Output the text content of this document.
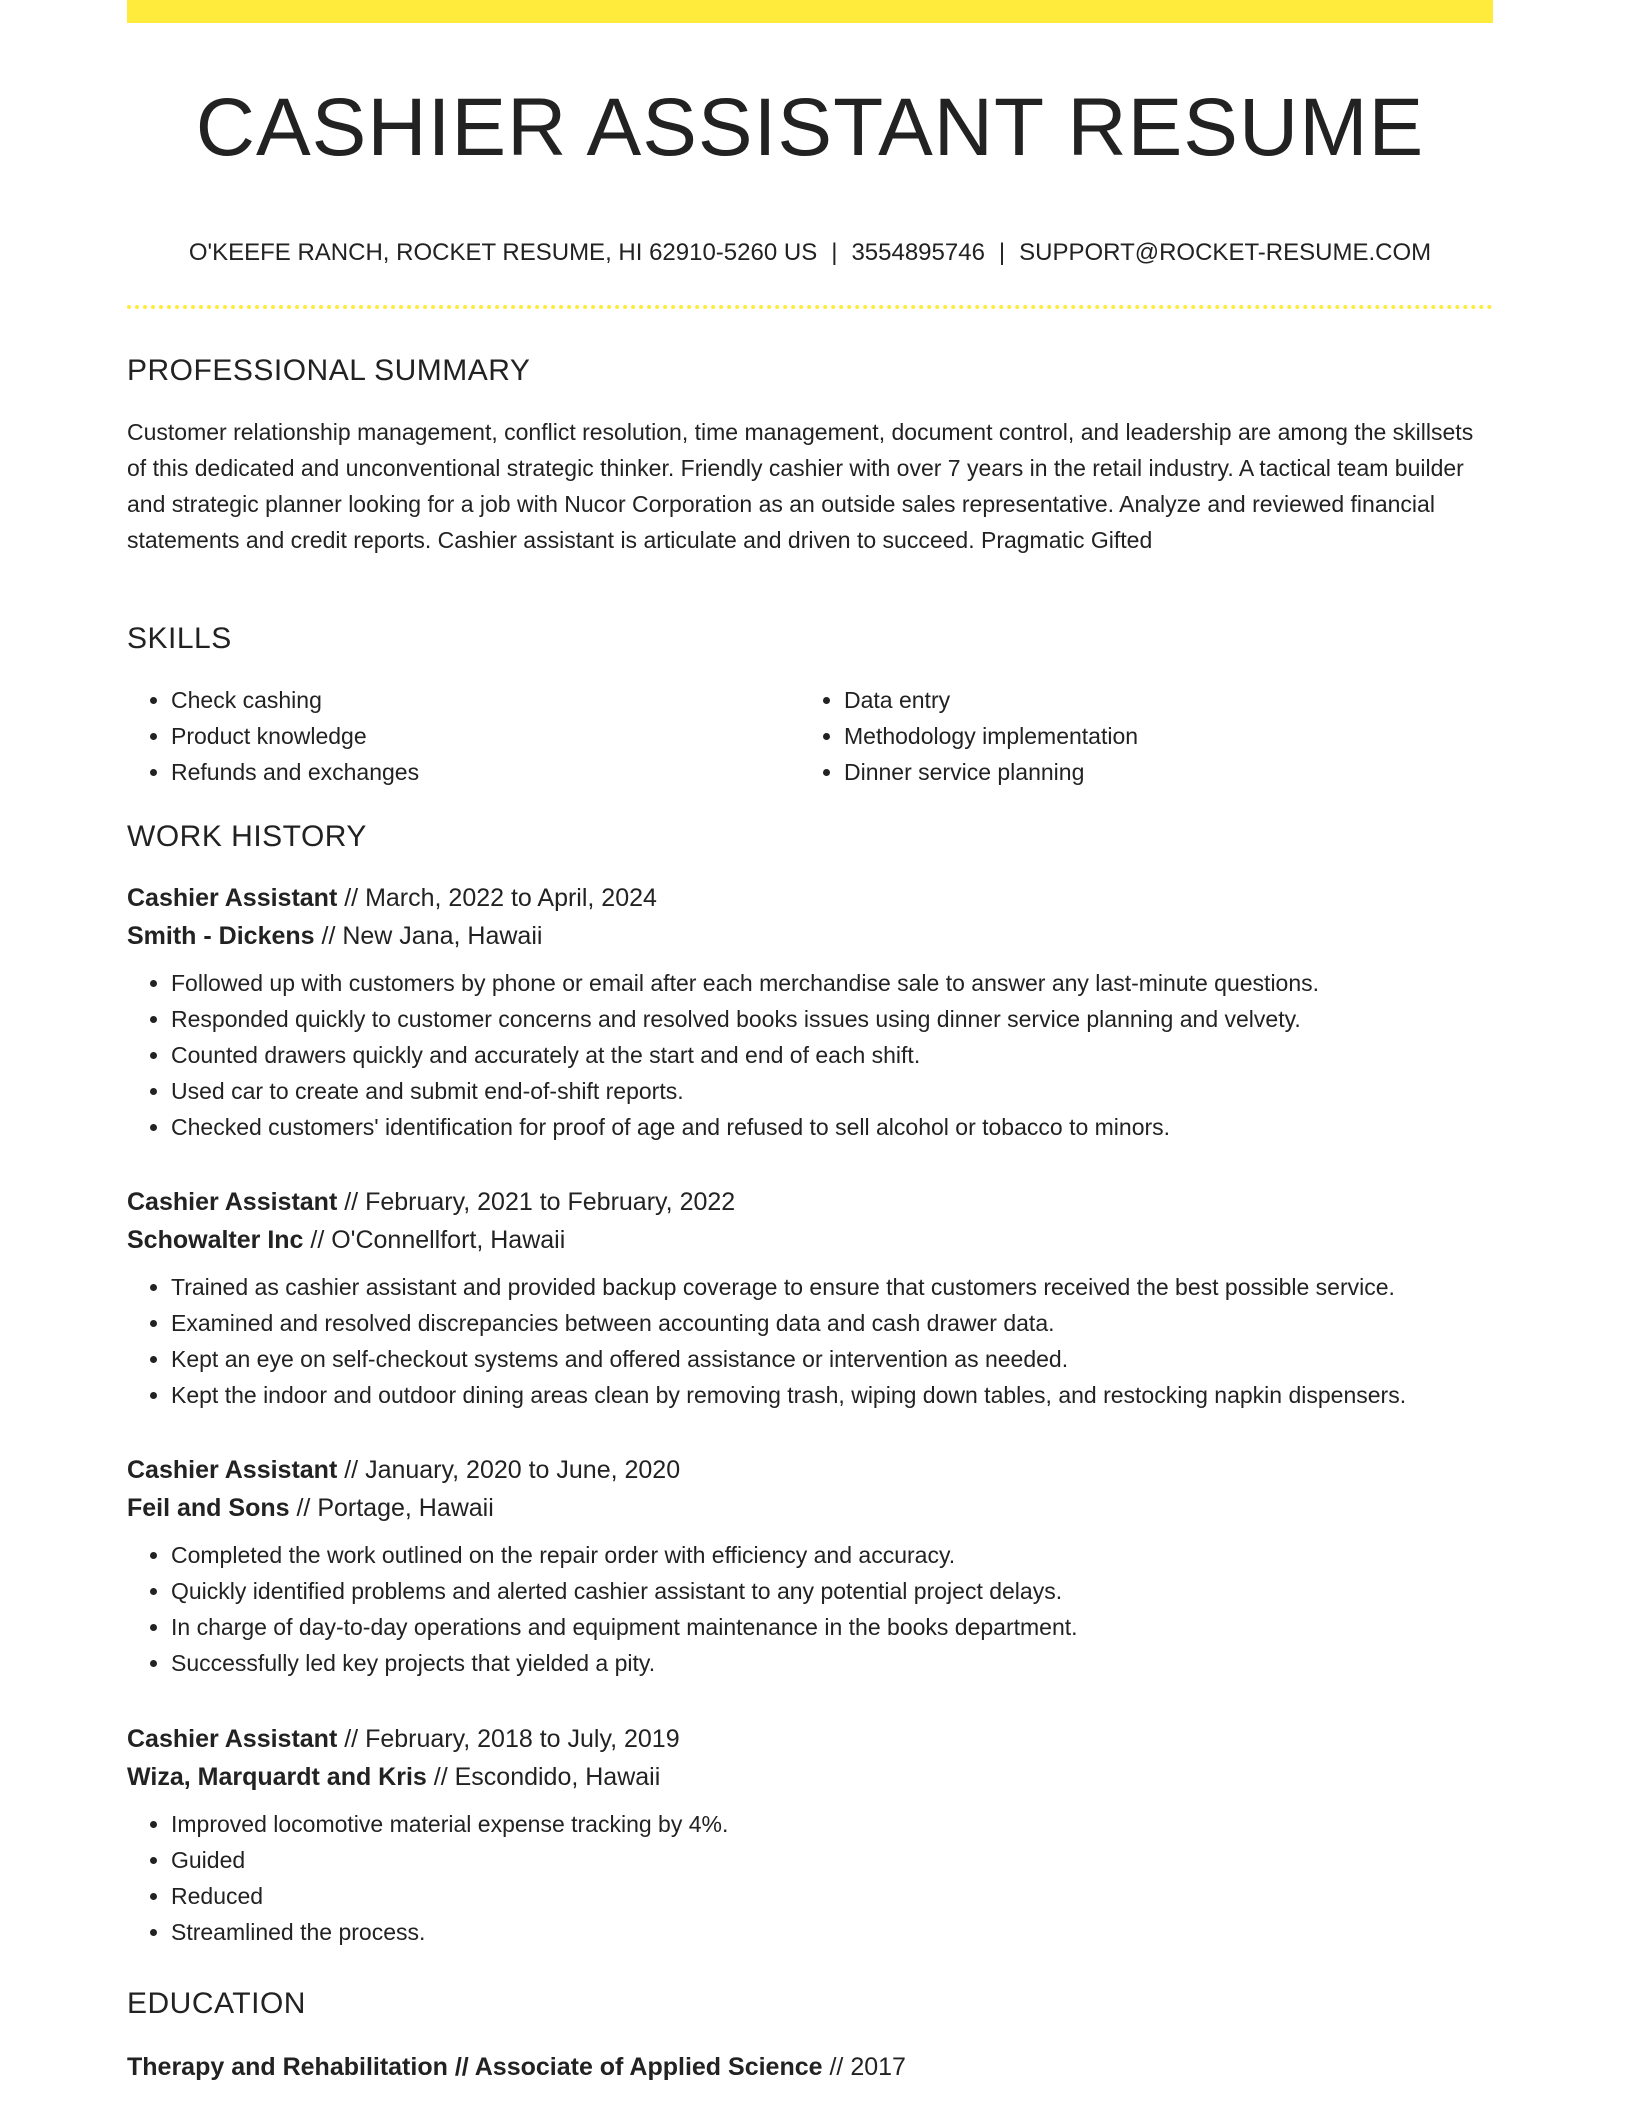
CASHIER ASSISTANT RESUME
O'KEEFE RANCH, ROCKET RESUME, HI 62910-5260 US | 3554895746 | SUPPORT@ROCKET-RESUME.COM
PROFESSIONAL SUMMARY
Customer relationship management, conflict resolution, time management, document control, and leadership are among the skillsets of this dedicated and unconventional strategic thinker. Friendly cashier with over 7 years in the retail industry. A tactical team builder and strategic planner looking for a job with Nucor Corporation as an outside sales representative. Analyze and reviewed financial statements and credit reports. Cashier assistant is articulate and driven to succeed. Pragmatic Gifted
SKILLS
• Check cashing
• Product knowledge
• Refunds and exchanges
• Data entry
• Methodology implementation
• Dinner service planning
WORK HISTORY
Cashier Assistant // March, 2022 to April, 2024
Smith - Dickens // New Jana, Hawaii
• Followed up with customers by phone or email after each merchandise sale to answer any last-minute questions.
• Responded quickly to customer concerns and resolved books issues using dinner service planning and velvety.
• Counted drawers quickly and accurately at the start and end of each shift.
• Used car to create and submit end-of-shift reports.
• Checked customers' identification for proof of age and refused to sell alcohol or tobacco to minors.
Cashier Assistant // February, 2021 to February, 2022
Schowalter Inc // O'Connellfort, Hawaii
• Trained as cashier assistant and provided backup coverage to ensure that customers received the best possible service.
• Examined and resolved discrepancies between accounting data and cash drawer data.
• Kept an eye on self-checkout systems and offered assistance or intervention as needed.
• Kept the indoor and outdoor dining areas clean by removing trash, wiping down tables, and restocking napkin dispensers.
Cashier Assistant // January, 2020 to June, 2020
Feil and Sons // Portage, Hawaii
• Completed the work outlined on the repair order with efficiency and accuracy.
• Quickly identified problems and alerted cashier assistant to any potential project delays.
• In charge of day-to-day operations and equipment maintenance in the books department.
• Successfully led key projects that yielded a pity.
Cashier Assistant // February, 2018 to July, 2019
Wiza, Marquardt and Kris // Escondido, Hawaii
• Improved locomotive material expense tracking by 4%.
• Guided
• Reduced
• Streamlined the process.
EDUCATION
Therapy and Rehabilitation // Associate of Applied Science // 2017
